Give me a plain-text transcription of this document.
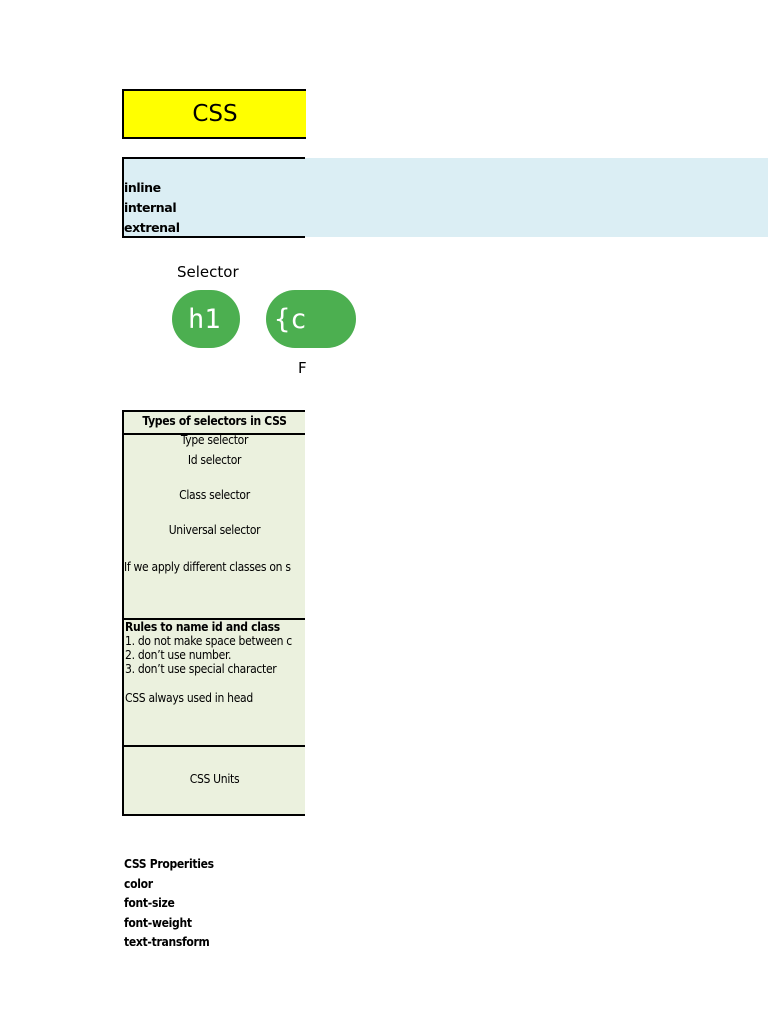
CSS
inline
internal
extrenal
Selector
h1	{c
F
Types of selectors in CSS
Type selector
Id selector
Class selector
Universal selector
If we apply different classes on s
Rules to name id and class
1. do not make space between c
2. don’t use number.
3. don’t use special character
CSS always used in head
CSS Units
CSS Properities
color
font-size
font-weight
text-transform
